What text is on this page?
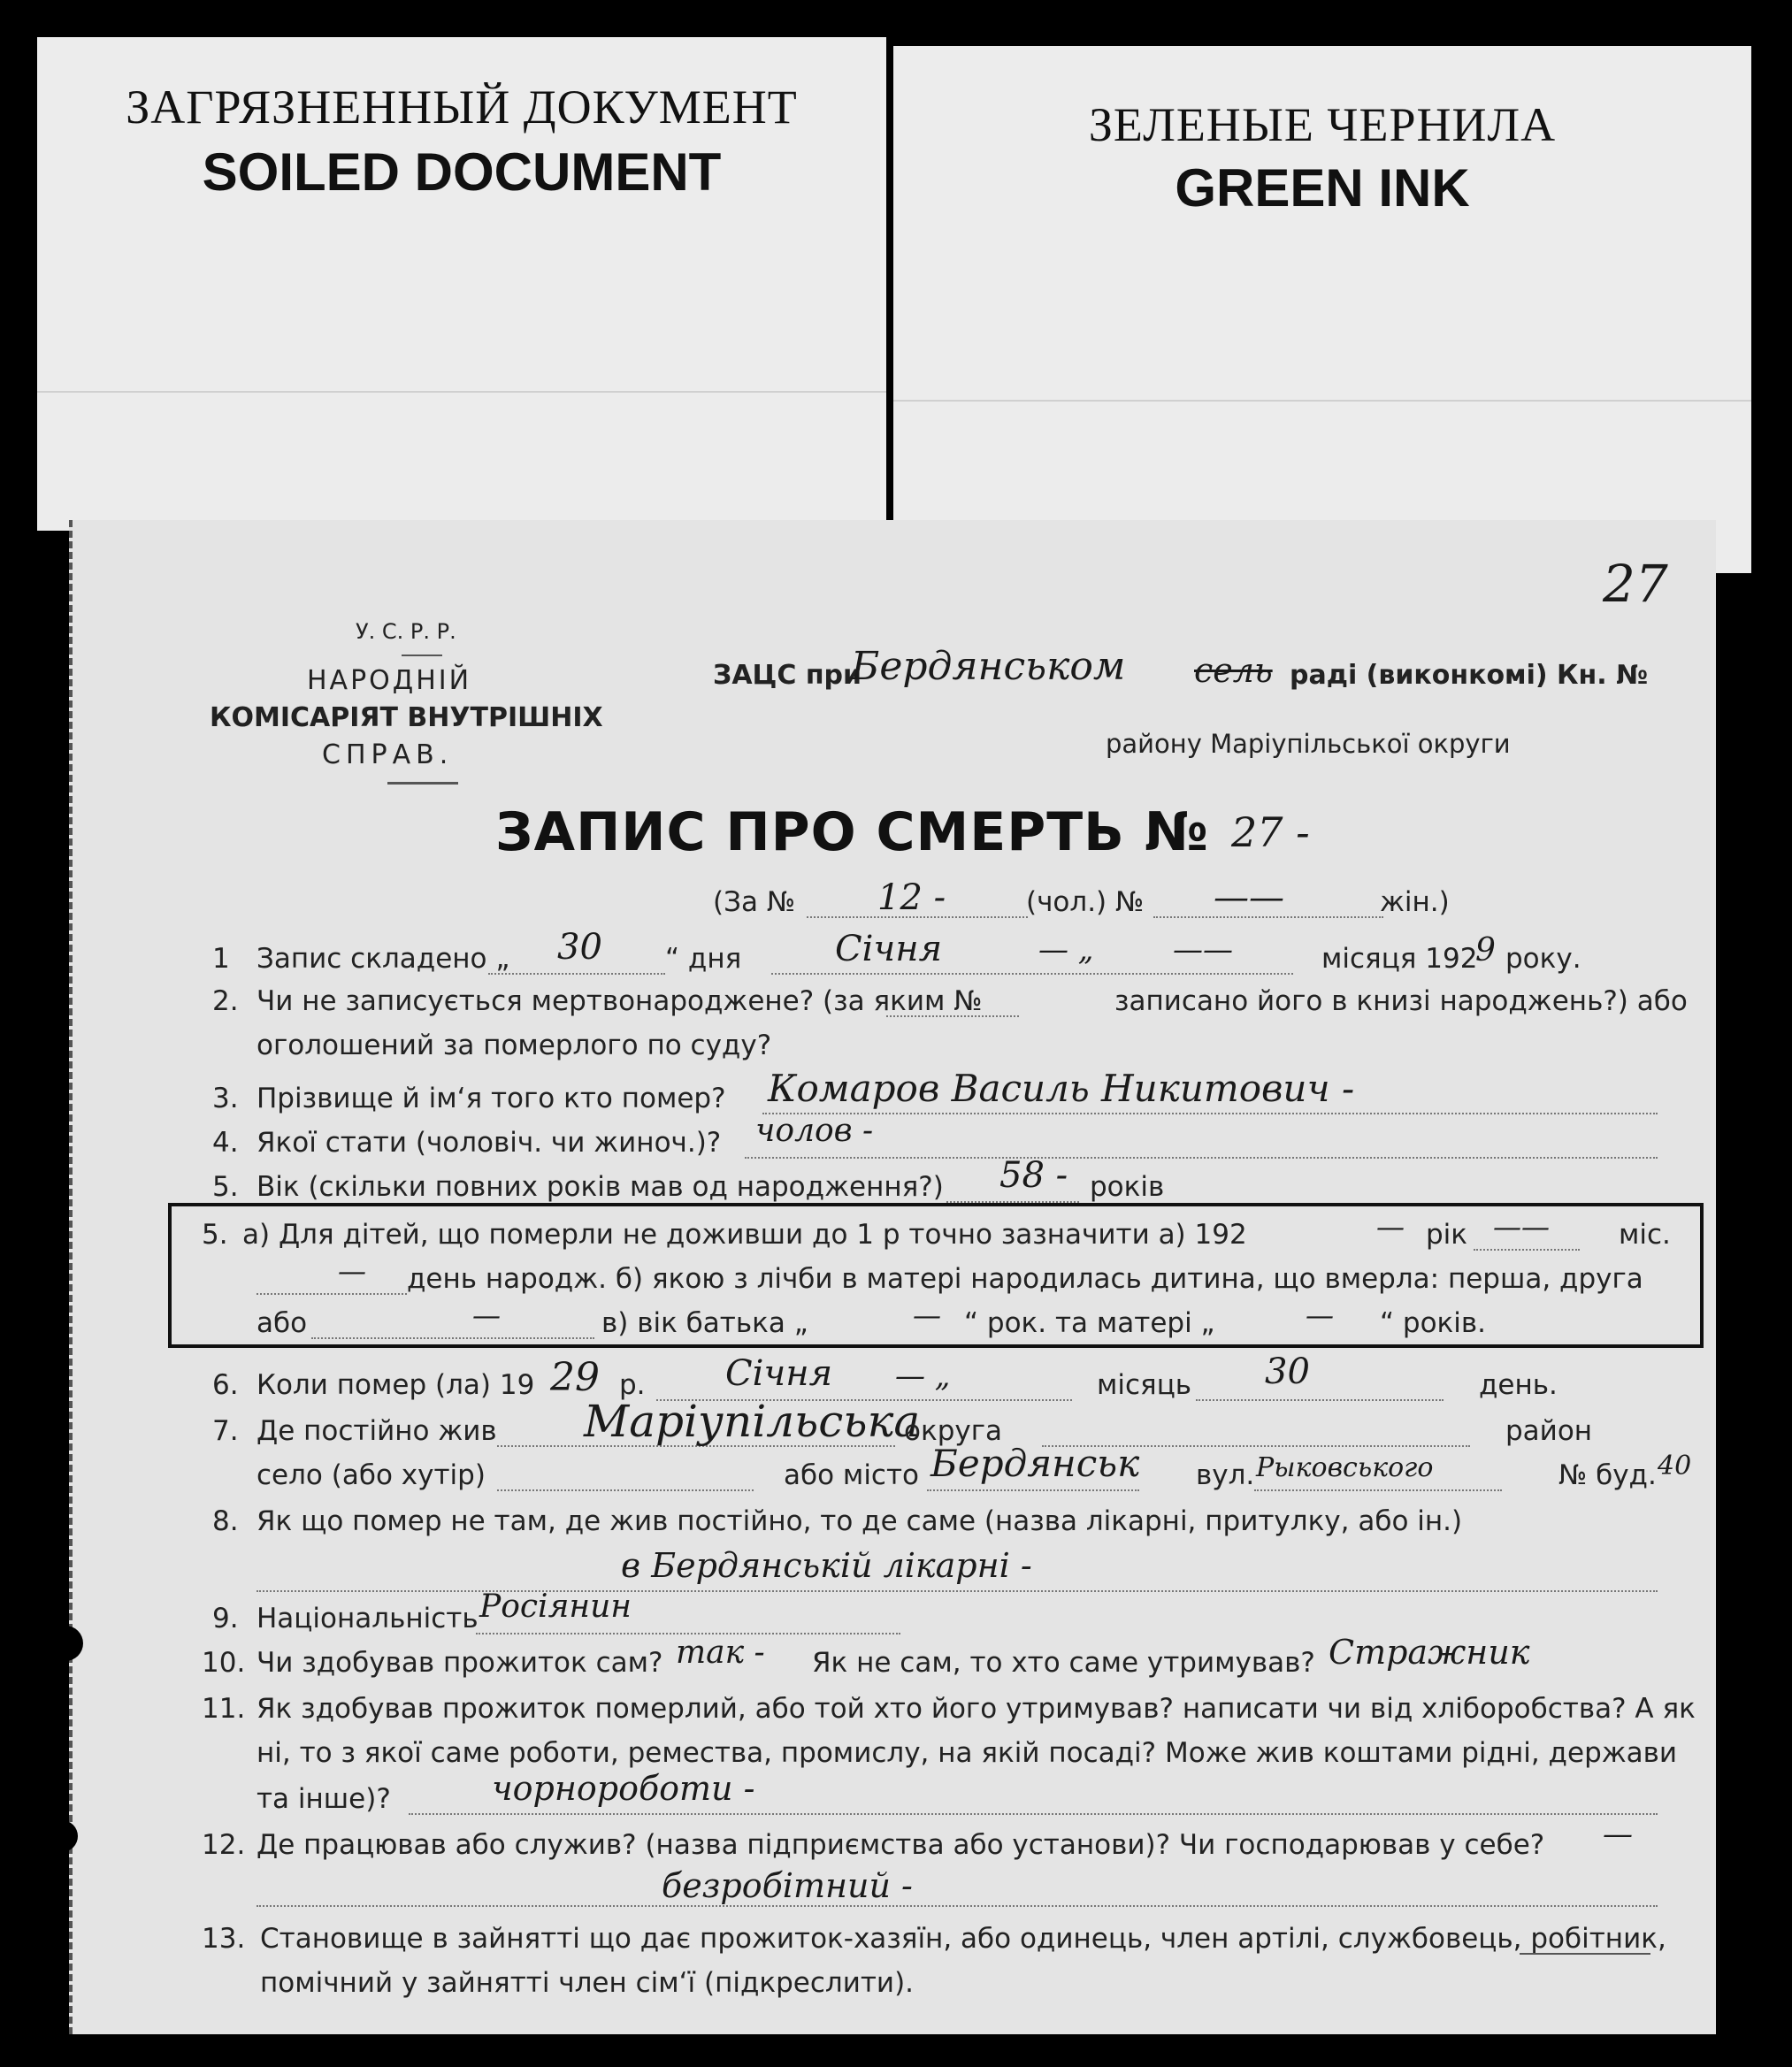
ЗАГРЯЗНЕННЫЙ ДОКУМЕНТ
SOILED DOCUMENT
ЗЕЛЕНЫЕ ЧЕРНИЛА
GREEN INK
27
У. С. Р. Р.
НАРОДНІЙ
КОМІСАРІЯТ ВНУТРІШНІХ
СПРАВ.
ЗАЦС при
Бердянськом сель раді (виконкомі) Кн. №
району Маріупільської округи
ЗАПИС ПРО СМЕРТЬ № 27 -
(За № 12 -	(чол.) № ——	жін.)
1 Запис складено „ 30 “ дня	Січня	— „	——	місяця 192
9 року.
2. Чи не записується мертвонароджене? (за яким №	записано його в книзі народжень?) або
оголошений за померлого по суду?
3. Прізвище й імʻя того кто помер? Комаров Василь Никитович -
4. Якої стати (чоловіч. чи жиноч.)? чолов -
5. Вік (скільки повних років мав од народження?) 58 - років
5. а) Для дітей, що померли не доживши до 1 р точно зазначити а) 192	— рік ——	міс.
— день народж. б) якою з лічби в матері народилась дитина, що вмерла: перша, друга
або	—	в) вік батька „	— “ рок. та матері „	— “ років.
6. Коли помер (ла) 19 29 р. Січня — „	місяць 30	день.
7. Де постійно жив Маріупільська
округа	район
село (або хутір)	або місто Бердянськ вул. Рыковського	№ буд. 40
8. Як що помер не там, де жив постійно, то де саме (назва лікарні, притулку, або ін.)
в Бердянській лікарні -
9. Національність Росіянин
10. Чи здобував прожиток сам? так - Як не сам, то хто саме утримував? Стражник
11. Як здобував прожиток померлий, або той хто його утримував? написати чи від хліборобства? А як
ні, то з якої саме роботи, ремества, промислу, на якій посаді? Може жив коштами рідні, держави
та інше)?	чорнороботи -
12. Де працював або служив? (назва підприємства або установи)? Чи господарював у себе? —
безробітний -
13. Становище в зайнятті що дає прожиток-хазяїн, або одинець, член артілі, службовець, робітник,
помічний у зайнятті член сімʻї (підкреслити).
